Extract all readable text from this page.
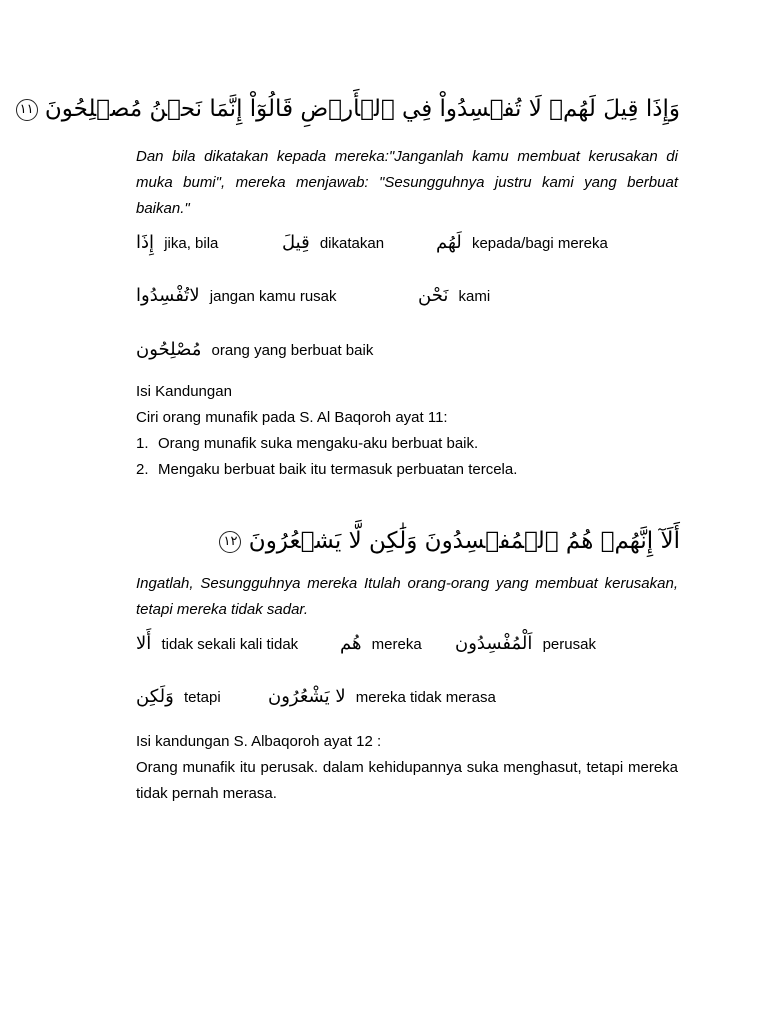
وَإِذَا قِيلَ لَهُمۡ لَا تُفۡسِدُواْ فِي ٱلۡأَرۡضِ قَالُوٓاْ إِنَّمَا نَحۡنُ مُصۡلِحُونَ ١١
Dan bila dikatakan kepada mereka:"Janganlah kamu membuat kerusakan di muka bumi", mereka menjawab: "Sesungguhnya justru kami yang berbuat baikan."
إِذَا jika, bila	قِيلَ dikatakan	لَهُم kepada/bagi mereka
لاتُفْسِدُوا jangan kamu rusak	نَحْن kami
مُصْلِحُون orang yang berbuat baik
Isi Kandungan
Ciri orang munafik pada S. Al Baqoroh ayat 11:
1. Orang munafik suka mengaku-aku berbuat baik.
2. Mengaku berbuat baik itu termasuk perbuatan tercela.
أَلَآ إِنَّهُمۡ هُمُ ٱلۡمُفۡسِدُونَ وَلَٰكِن لَّا يَشۡعُرُونَ ١٢
Ingatlah, Sesungguhnya mereka Itulah orang-orang yang membuat kerusakan, tetapi mereka tidak sadar.
أَلا tidak sekali kali tidak هُم mereka اَلْمُفْسِدُون perusak
وَلَكِن tetapi	لا يَشْعُرُون mereka tidak merasa
Isi kandungan S. Albaqoroh ayat 12 :
Orang munafik itu perusak. dalam kehidupannya suka menghasut, tetapi mereka tidak pernah merasa.
